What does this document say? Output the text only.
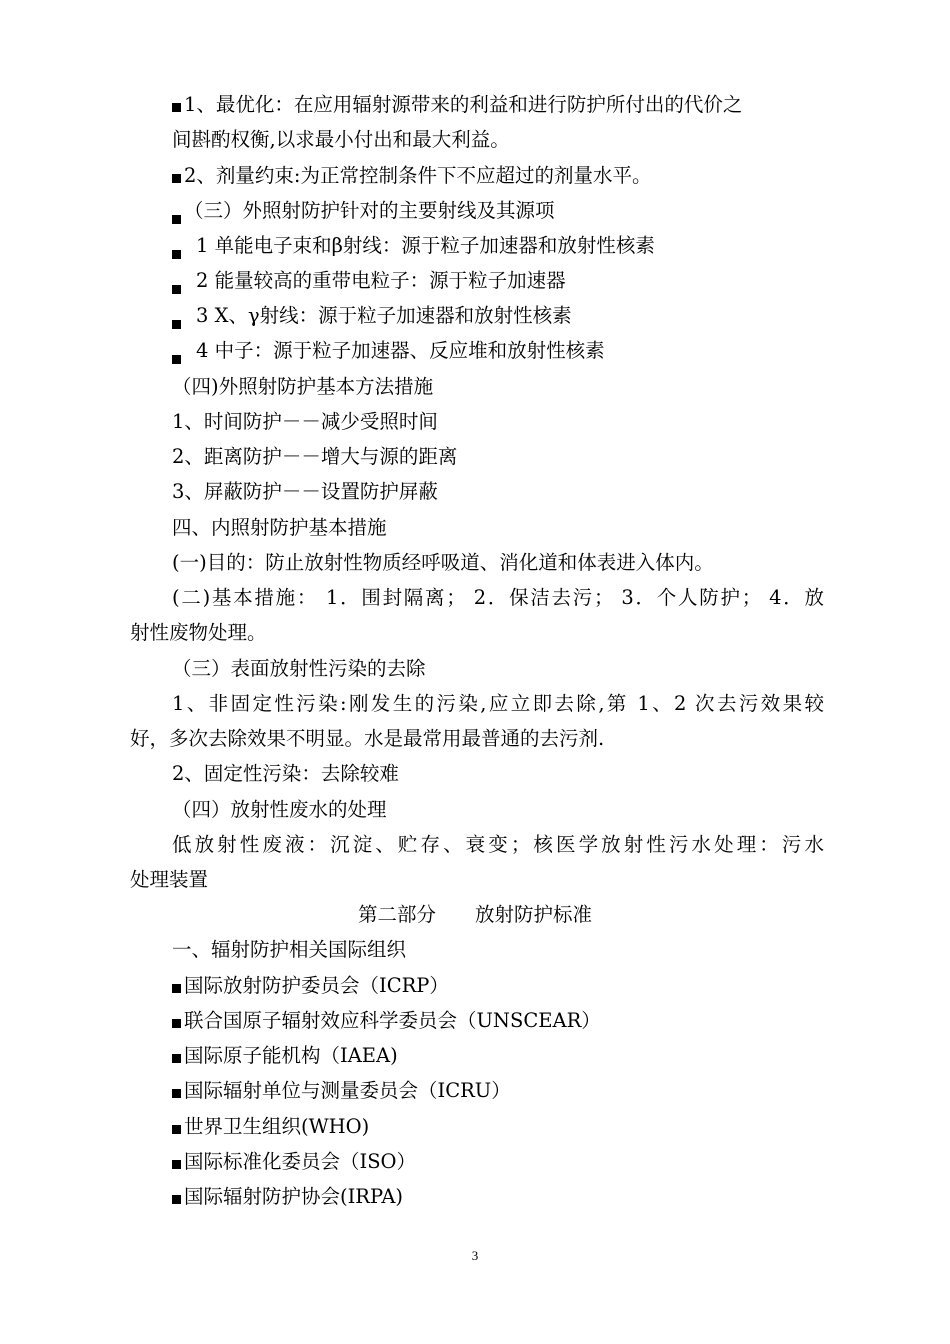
1、最优化：在应用辐射源带来的利益和进行防护所付出的代价之
间斟酌权衡,以求最小付出和最大利益。
2、剂量约束:为正常控制条件下不应超过的剂量水平。
（三）外照射防护针对的主要射线及其源项
1 单能电子束和β射线：源于粒子加速器和放射性核素
2 能量较高的重带电粒子：源于粒子加速器
3 X、γ射线：源于粒子加速器和放射性核素
4 中子：源于粒子加速器、反应堆和放射性核素
（四)外照射防护基本方法措施
1、时间防护－－减少受照时间
2、距离防护－－增大与源的距离
3、屏蔽防护－－设置防护屏蔽
四、内照射防护基本措施
(一)目的：防止放射性物质经呼吸道、消化道和体表进入体内。
(二)基本措施： 1．围封隔离； 2．保洁去污； 3．个人防护； 4．放
射性废物处理。
（三）表面放射性污染的去除
1、非固定性污染:刚发生的污染,应立即去除,第 1、2 次去污效果较
好，多次去除效果不明显。水是最常用最普通的去污剂.
2、固定性污染：去除较难
（四）放射性废水的处理
低放射性废液：沉淀、贮存、衰变；核医学放射性污水处理：污水
处理装置
第二部分　　放射防护标准
一、辐射防护相关国际组织
国际放射防护委员会（ICRP）
联合国原子辐射效应科学委员会（UNSCEAR）
国际原子能机构（IAEA)
国际辐射单位与测量委员会（ICRU）
世界卫生组织(WHO)
国际标准化委员会（ISO）
国际辐射防护协会(IRPA)
3
